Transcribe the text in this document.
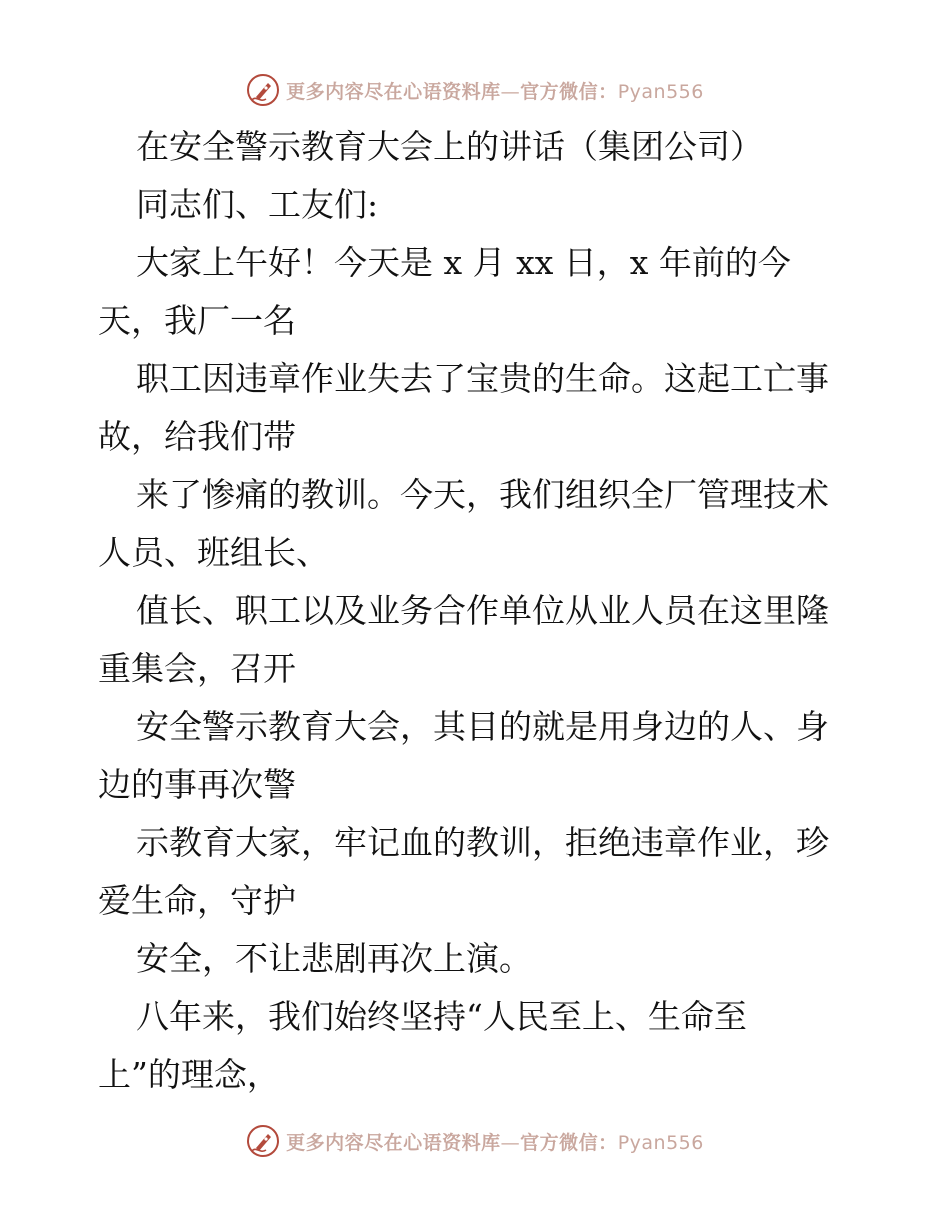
更多内容尽在心语资料库—官方微信：Pyan556
在安全警示教育大会上的讲话（集团公司）
同志们、工友们:
大家上午好！今天是 x 月 xx 日，x 年前的今
天，我厂一名
职工因违章作业失去了宝贵的生命。这起工亡事
故，给我们带
来了惨痛的教训。今天，我们组织全厂管理技术
人员、班组长、
值长、职工以及业务合作单位从业人员在这里隆
重集会，召开
安全警示教育大会，其目的就是用身边的人、身
边的事再次警
示教育大家，牢记血的教训，拒绝违章作业，珍
爱生命，守护
安全，不让悲剧再次上演。
八年来，我们始终坚持“人民至上、生命至
上”的理念，
更多内容尽在心语资料库—官方微信：Pyan556
